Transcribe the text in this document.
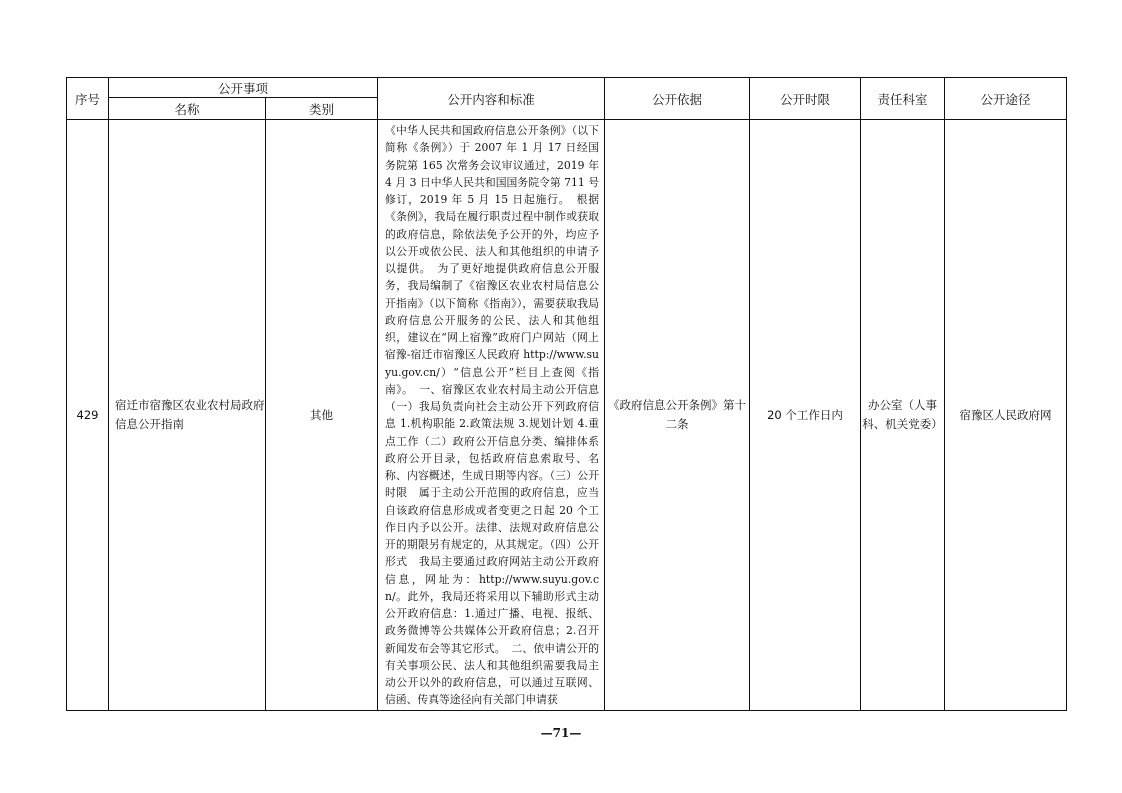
序号	公开事项		公开内容和标准	公开依据	公开时限	责任科室	公开途径
	名称	类别					
429	宿迁市宿豫区农业农村局政府信息公开指南	其他	《中华人民共和国政府信息公开条例》（以下简称《条例》）于 2007 年 1 月 17 日经国务院第 165 次常务会议审议通过，2019 年 4 月 3 日中华人民共和国国务院令第 711 号修订，2019 年 5 月 15 日起施行。　根据《条例》，我局在履行职责过程中制作或获取的政府信息，除依法免予公开的外，均应予以公开或依公民、法人和其他组织的申请予以提供。　为了更好地提供政府信息公开服务，我局编制了《宿豫区农业农村局信息公开指南》（以下简称《指南》），需要获取我局政府信息公开服务的公民、法人和其他组织，建议在“网上宿豫”政府门户网站（网上宿豫-宿迁市宿豫区人民政府 http://www.suyu.gov.cn/）“信息公开”栏目上查阅《指南》。　一、宿豫区农业农村局主动公开信息（一）我局负责向社会主动公开下列政府信息 1.机构职能 2.政策法规 3.规划计划 4.重点工作（二）政府公开信息分类、编排体系　政府公开目录，包括政府信息索取号、名称、内容概述，生成日期等内容。（三）公开时限　属于主动公开范围的政府信息，应当自该政府信息形成或者变更之日起 20 个工作日内予以公开。法律、法规对政府信息公开的期限另有规定的，从其规定。（四）公开形式　我局主要通过政府网站主动公开政府信息，网址为：http://www.suyu.gov.cn/。此外，我局还将采用以下辅助形式主动公开政府信息：1.通过广播、电视、报纸、政务微博等公共媒体公开政府信息；2.召开新闻发布会等其它形式。　二、依申请公开的有关事项公民、法人和其他组织需要我局主动公开以外的政府信息，可以通过互联网、信函、传真等途径向有关部门申请获	《政府信息公开条例》第十二条	20 个工作日内	办公室（人事科、机关党委）	宿豫区人民政府网
—71—
